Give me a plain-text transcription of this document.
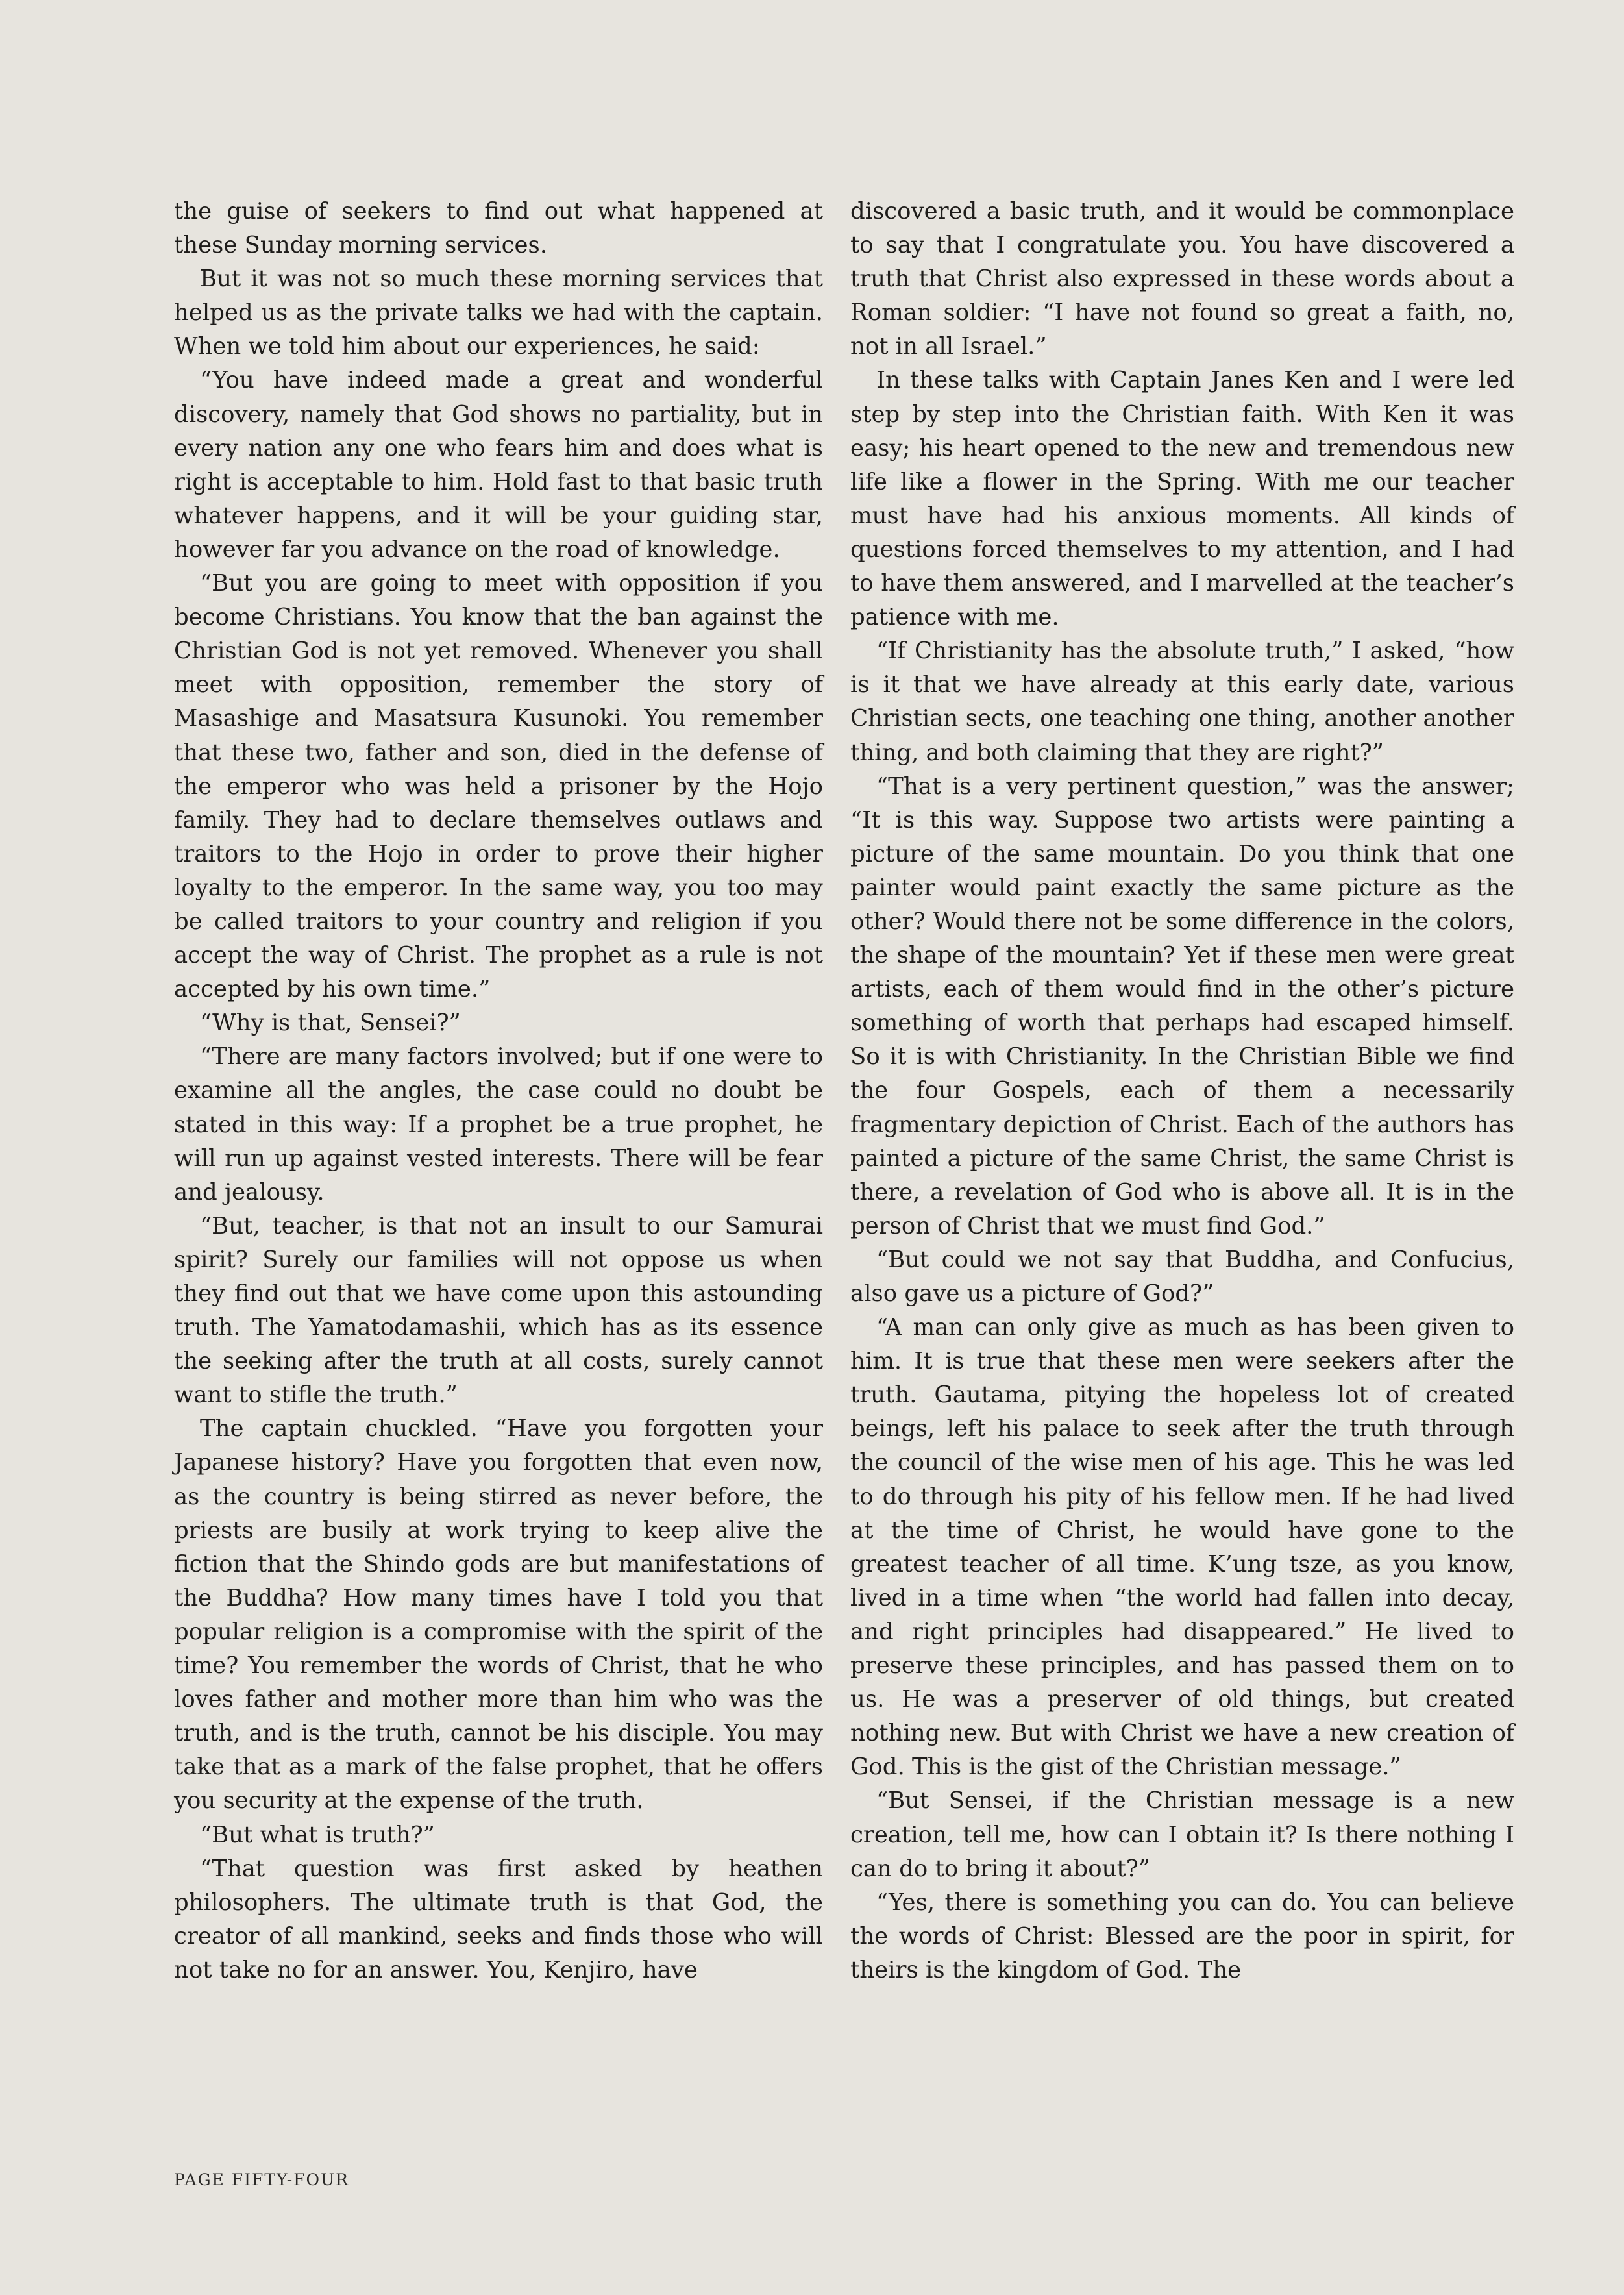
the guise of seekers to find out what happened at these Sunday morning services.

But it was not so much these morning services that helped us as the private talks we had with the captain. When we told him about our experiences, he said:

“You have indeed made a great and wonderful discovery, namely that God shows no partiality, but in every nation any one who fears him and does what is right is acceptable to him. Hold fast to that basic truth whatever happens, and it will be your guiding star, however far you advance on the road of knowledge.

“But you are going to meet with opposition if you become Christians. You know that the ban against the Christian God is not yet removed. Whenever you shall meet with opposition, remember the story of Masashige and Masatsura Kusunoki. You remember that these two, father and son, died in the defense of the emperor who was held a prisoner by the Hojo family. They had to declare themselves outlaws and traitors to the Hojo in order to prove their higher loyalty to the emperor. In the same way, you too may be called traitors to your country and religion if you accept the way of Christ. The prophet as a rule is not accepted by his own time.”

“Why is that, Sensei?”

“There are many factors involved; but if one were to examine all the angles, the case could no doubt be stated in this way: If a prophet be a true prophet, he will run up against vested interests. There will be fear and jealousy.

“But, teacher, is that not an insult to our Samurai spirit? Surely our families will not oppose us when they find out that we have come upon this astounding truth. The Yamatodamashii, which has as its essence the seeking after the truth at all costs, surely cannot want to stifle the truth.”

The captain chuckled. “Have you forgotten your Japanese history? Have you forgotten that even now, as the country is being stirred as never before, the priests are busily at work trying to keep alive the fiction that the Shindo gods are but manifestations of the Buddha? How many times have I told you that popular religion is a compromise with the spirit of the time? You remember the words of Christ, that he who loves father and mother more than him who was the truth, and is the truth, cannot be his disciple. You may take that as a mark of the false prophet, that he offers you security at the expense of the truth.

“But what is truth?”

“That question was first asked by heathen philosophers. The ultimate truth is that God, the creator of all mankind, seeks and finds those who will not take no for an answer. You, Kenjiro, have

discovered a basic truth, and it would be commonplace to say that I congratulate you. You have discovered a truth that Christ also expressed in these words about a Roman soldier: “I have not found so great a faith, no, not in all Israel.”

In these talks with Captain Janes Ken and I were led step by step into the Christian faith. With Ken it was easy; his heart opened to the new and tremendous new life like a flower in the Spring. With me our teacher must have had his anxious moments. All kinds of questions forced themselves to my attention, and I had to have them answered, and I marvelled at the teacher’s patience with me.

“If Christianity has the absolute truth,” I asked, “how is it that we have already at this early date, various Christian sects, one teaching one thing, another another thing, and both claiming that they are right?”

“That is a very pertinent question,” was the answer; “It is this way. Suppose two artists were painting a picture of the same mountain. Do you think that one painter would paint exactly the same picture as the other? Would there not be some difference in the colors, the shape of the mountain? Yet if these men were great artists, each of them would find in the other’s picture something of worth that perhaps had escaped himself. So it is with Christianity. In the Christian Bible we find the four Gospels, each of them a necessarily fragmentary depiction of Christ. Each of the authors has painted a picture of the same Christ, the same Christ is there, a revelation of God who is above all. It is in the person of Christ that we must find God.”

“But could we not say that Buddha, and Confucius, also gave us a picture of God?”

“A man can only give as much as has been given to him. It is true that these men were seekers after the truth. Gautama, pitying the hopeless lot of created beings, left his palace to seek after the truth through the council of the wise men of his age. This he was led to do through his pity of his fellow men. If he had lived at the time of Christ, he would have gone to the greatest teacher of all time. K’ung tsze, as you know, lived in a time when “the world had fallen into decay, and right principles had disappeared.” He lived to preserve these principles, and has passed them on to us. He was a preserver of old things, but created nothing new. But with Christ we have a new creation of God. This is the gist of the Christian message.”

“But Sensei, if the Christian message is a new creation, tell me, how can I obtain it? Is there nothing I can do to bring it about?”

“Yes, there is something you can do. You can believe the words of Christ: Blessed are the poor in spirit, for theirs is the kingdom of God. The

PAGE FIFTY-FOUR
